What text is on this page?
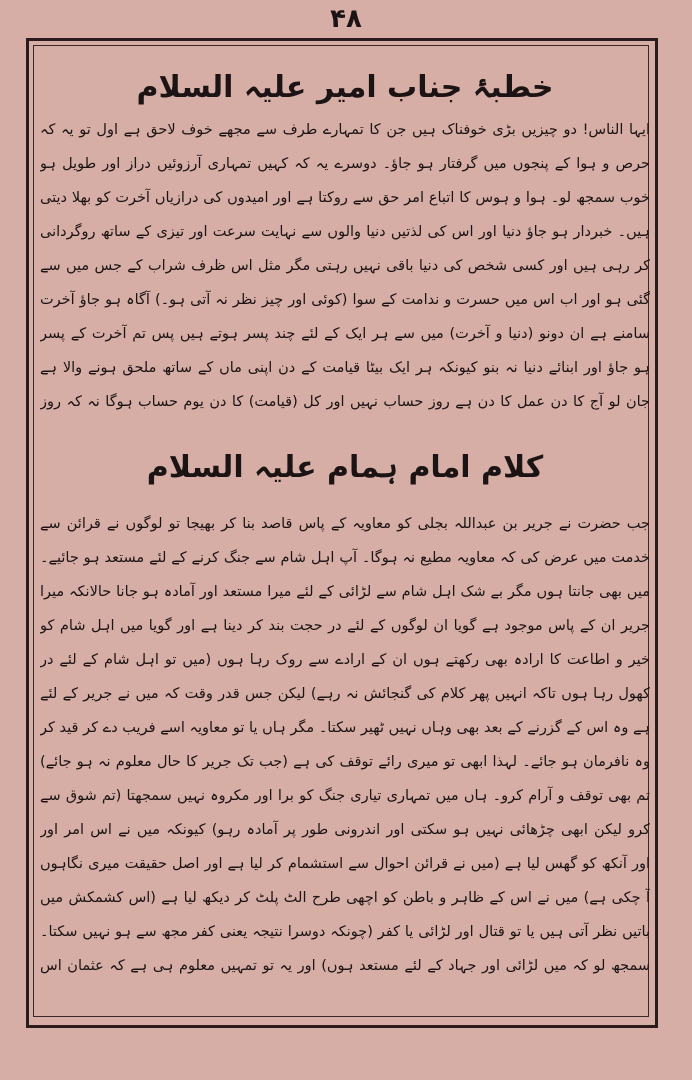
۴۸
خطبۂ جناب امیر علیہ السلام
ایہا الناس! دو چیزیں بڑی خوفناک ہیں جن کا تمہارے طرف سے مجھے خوف لاحق ہے اول تو یہ کہ
حرص و ہوا کے پنجوں میں گرفتار ہو جاؤ۔ دوسرے یہ کہ کہیں تمہاری آرزوئیں دراز اور طویل ہو
خوب سمجھ لو۔ ہوا و ہوس کا اتباع امر حق سے روکتا ہے اور امیدوں کی درازیاں آخرت کو بھلا دیتی
ہیں۔ خبردار ہو جاؤ دنیا اور اس کی لذتیں دنیا والوں سے نہایت سرعت اور تیزی کے ساتھ روگردانی
کر رہی ہیں اور کسی شخص کی دنیا باقی نہیں رہتی مگر مثل اس ظرف شراب کے جس میں سے
گئی ہو اور اب اس میں حسرت و ندامت کے سوا (کوئی اور چیز نظر نہ آتی ہو۔) آگاہ ہو جاؤ آخرت
سامنے ہے ان دونو (دنیا و آخرت) میں سے ہر ایک کے لئے چند پسر ہوتے ہیں پس تم آخرت کے پسر
ہو جاؤ اور ابنائے دنیا نہ بنو کیونکہ ہر ایک بیٹا قیامت کے دن اپنی ماں کے ساتھ ملحق ہونے والا ہے
جان لو آج کا دن عمل کا دن ہے روز حساب نہیں اور کل (قیامت) کا دن یوم حساب ہوگا نہ کہ روز
کلام امام ہمام علیہ السلام
جب حضرت نے جریر بن عبداللہ بجلی کو معاویہ کے پاس قاصد بنا کر بھیجا تو لوگوں نے قرائن سے
خدمت میں عرض کی کہ معاویہ مطیع نہ ہوگا۔ آپ اہل شام سے جنگ کرنے کے لئے مستعد ہو جائیے۔
میں بھی جانتا ہوں مگر بے شک اہل شام سے لڑائی کے لئے میرا مستعد اور آمادہ ہو جانا حالانکہ میرا
جریر ان کے پاس موجود ہے گویا ان لوگوں کے لئے در حجت بند کر دینا ہے اور گویا میں اہل شام کو
خیر و اطاعت کا ارادہ بھی رکھتے ہوں ان کے ارادے سے روک رہا ہوں (میں تو اہل شام کے لئے در
کھول رہا ہوں تاکہ انہیں پھر کلام کی گنجائش نہ رہے) لیکن جس قدر وقت کہ میں نے جریر کے لئے
ہے وہ اس کے گزرنے کے بعد بھی وہاں نہیں ٹھیر سکتا۔ مگر ہاں یا تو معاویہ اسے فریب دے کر قید کر
وہ نافرمان ہو جائے۔ لہذا ابھی تو میری رائے توقف کی ہے (جب تک جریر کا حال معلوم نہ ہو جائے)
تم بھی توقف و آرام کرو۔ ہاں میں تمہاری تیاری جنگ کو برا اور مکروہ نہیں سمجھتا (تم شوق سے
کرو لیکن ابھی چڑھائی نہیں ہو سکتی اور اندرونی طور پر آمادہ رہو) کیونکہ میں نے اس امر اور
اور آنکھ کو گھس لیا ہے (میں نے قرائن احوال سے استشمام کر لیا ہے اور اصل حقیقت میری نگاہوں
آ چکی ہے) میں نے اس کے ظاہر و باطن کو اچھی طرح الٹ پلٹ کر دیکھ لیا ہے (اس کشمکش میں
باتیں نظر آتی ہیں یا تو قتال اور لڑائی یا کفر (چونکہ دوسرا نتیجہ یعنی کفر مجھ سے ہو نہیں سکتا۔
سمجھ لو کہ میں لڑائی اور جہاد کے لئے مستعد ہوں) اور یہ تو تمہیں معلوم ہی ہے کہ عثمان اس
